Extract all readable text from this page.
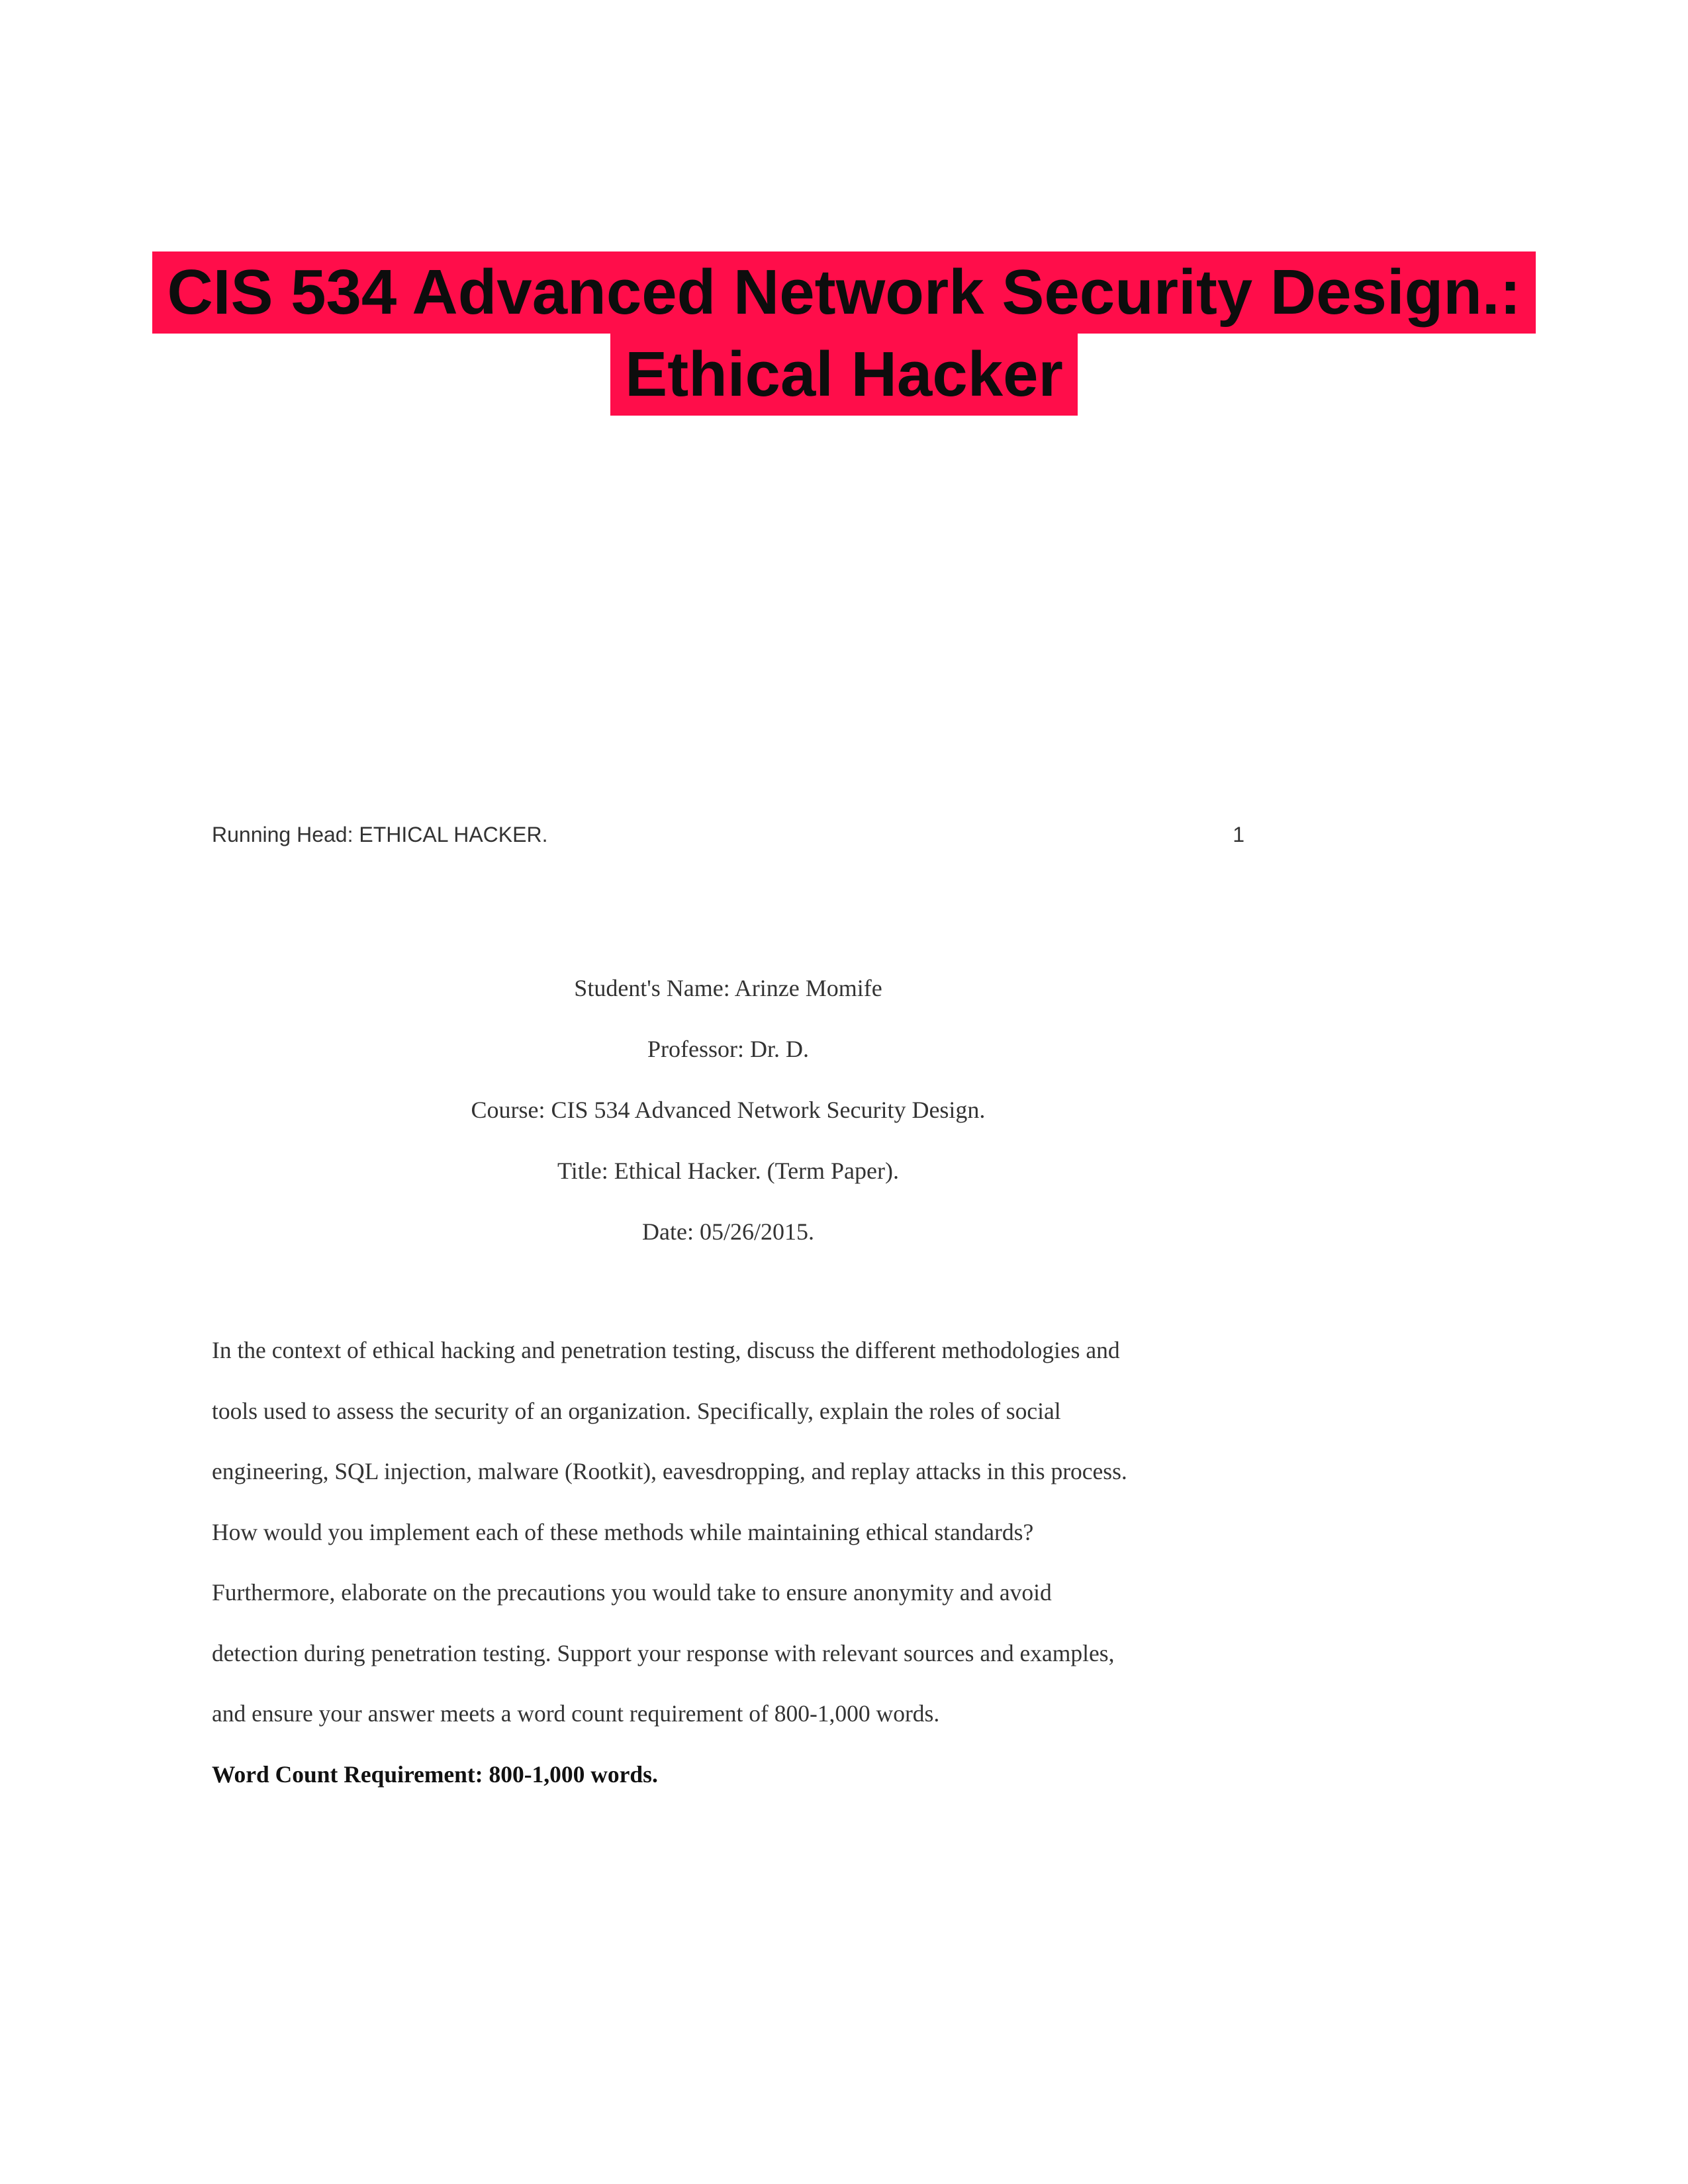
CIS 534 Advanced Network Security Design.:
Ethical Hacker
Running Head: ETHICAL HACKER.	1
Student's Name: Arinze Momife
Professor: Dr. D.
Course: CIS 534 Advanced Network Security Design.
Title: Ethical Hacker. (Term Paper).
Date: 05/26/2015.
In the context of ethical hacking and penetration testing, discuss the different methodologies and
tools used to assess the security of an organization. Specifically, explain the roles of social
engineering, SQL injection, malware (Rootkit), eavesdropping, and replay attacks in this process.
How would you implement each of these methods while maintaining ethical standards?
Furthermore, elaborate on the precautions you would take to ensure anonymity and avoid
detection during penetration testing. Support your response with relevant sources and examples,
and ensure your answer meets a word count requirement of 800-1,000 words.
Word Count Requirement: 800-1,000 words.
